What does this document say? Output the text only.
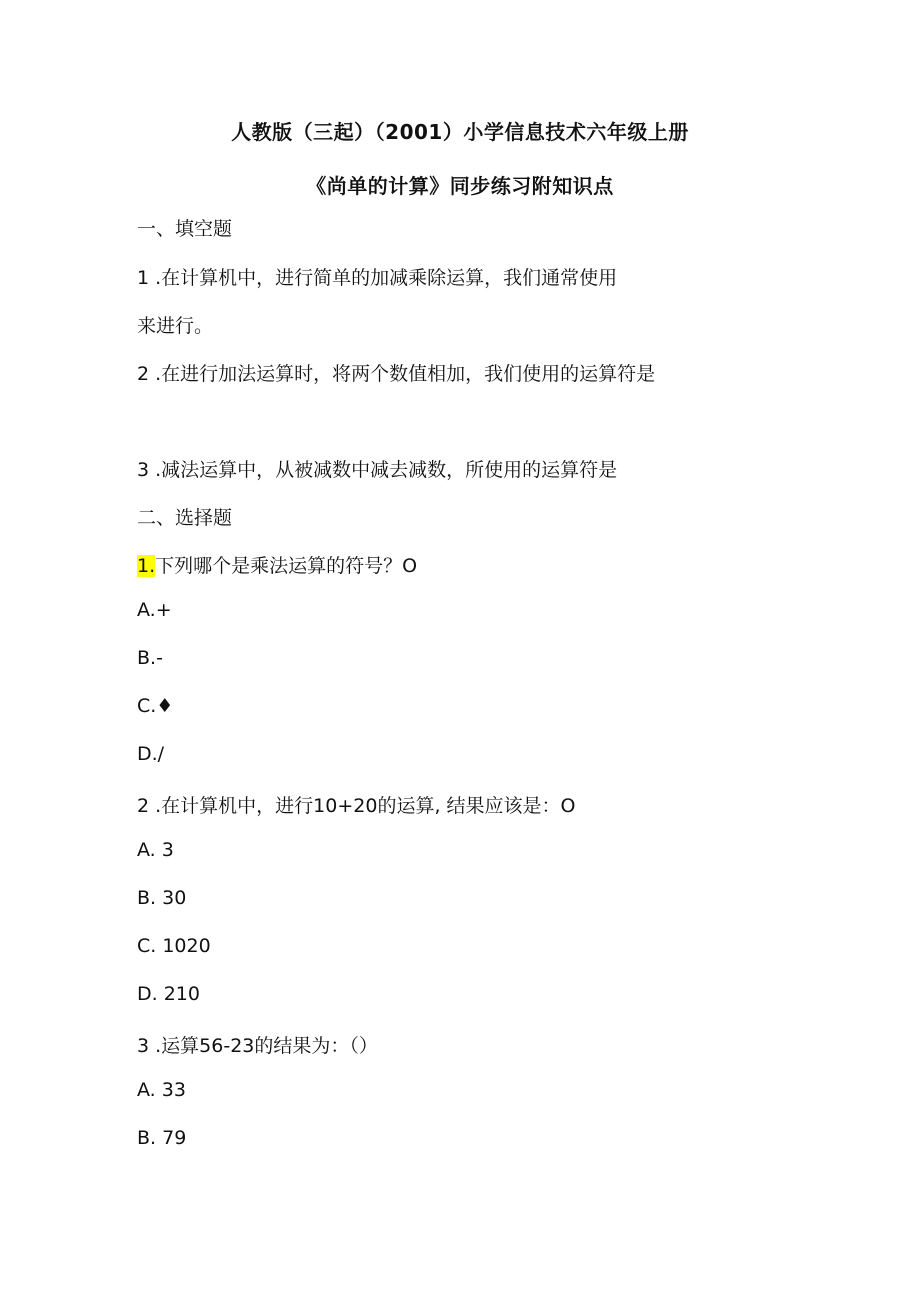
人教版（三起）（2001）小学信息技术六年级上册
《尚单的计算》同步练习附知识点
一、填空题
1 .在计算机中，进行简单的加减乘除运算，我们通常使用
来进行。
2 .在进行加法运算时，将两个数值相加，我们使用的运算符是
3 .减法运算中，从被减数中减去减数，所使用的运算符是
二、选择题
1.下列哪个是乘法运算的符号？O
A.+
B.-
C.♦
D./
2 .在计算机中，进行10+20的运算, 结果应该是：O
A. 3
B. 30
C. 1020
D. 210
3 .运算56-23的结果为：（）
A. 33
B. 79
